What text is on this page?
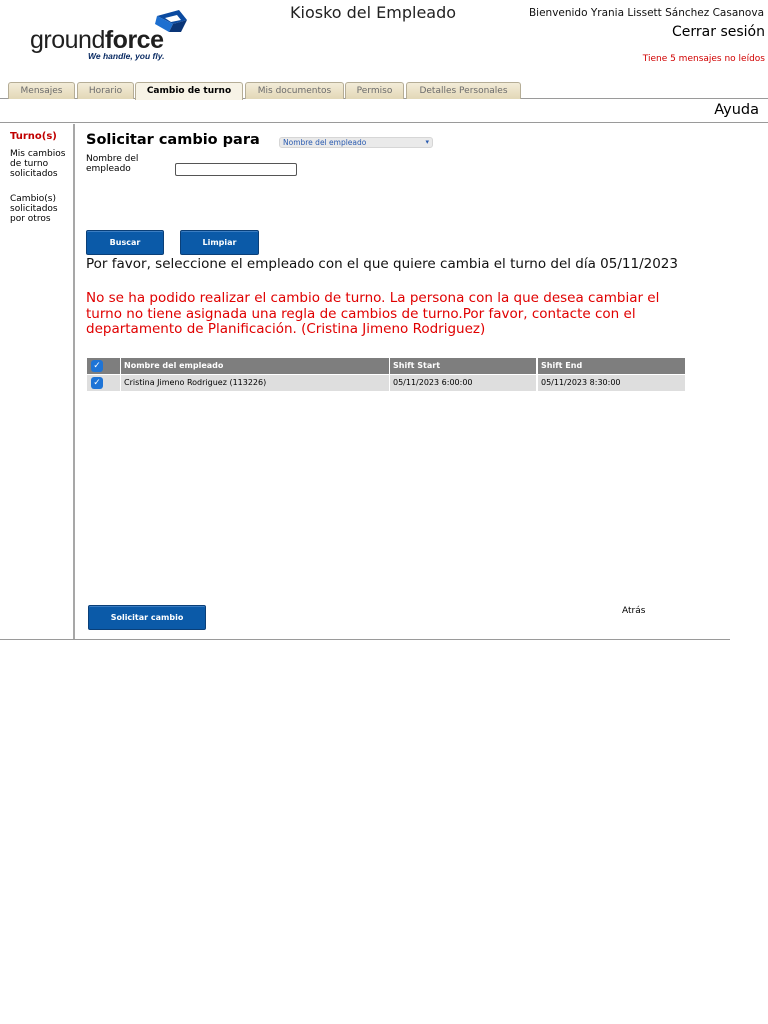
groundforce
We handle, you fly.
Kiosko del Empleado	Bienvenido Yrania Lissett Sánchez Casanova
Cerrar sesión
Tiene 5 mensajes no leídos
Mensajes	Horario	Cambio de turno	Mis documentos	Permiso	Detalles Personales
Ayuda
Turno(s)
Mis cambios de turno solicitados
Cambio(s) solicitados por otros
Solicitar cambio para	Nombre del empleado	▾
Nombre del empleado
Buscar	Limpiar
Por favor, seleccione el empleado con el que quiere cambia el turno del día 05/11/2023
No se ha podido realizar el cambio de turno. La persona con la que desea cambiar el turno no tiene asignada una regla de cambios de turno.Por favor, contacte con el departamento de Planificación. (Cristina Jimeno Rodriguez)
✓	Nombre del empleado	Shift Start	Shift End
✓	Cristina Jimeno Rodriguez (113226)	05/11/2023 6:00:00	05/11/2023 8:30:00
Solicitar cambio
Atrás
